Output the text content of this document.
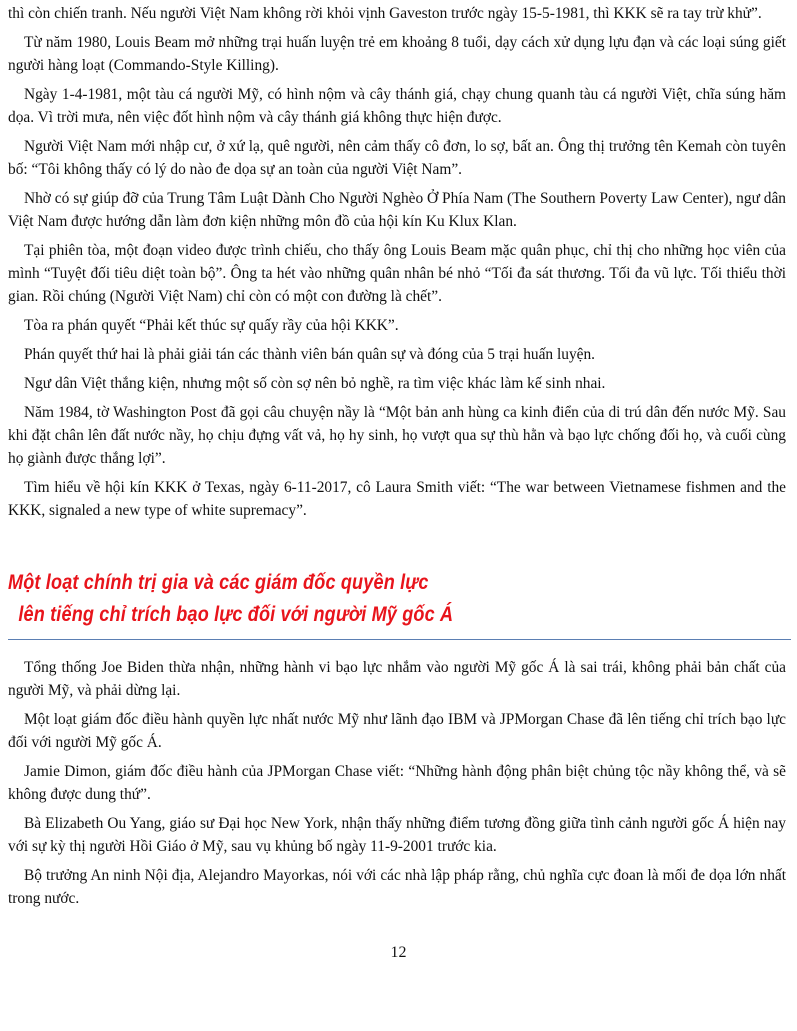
thì còn chiến tranh. Nếu người Việt Nam không rời khỏi vịnh Gaveston trước ngày 15-5-1981, thì KKK sẽ ra tay trừ khử”.

Từ năm 1980, Louis Beam mở những trại huấn luyện trẻ em khoảng 8 tuổi, dạy cách xử dụng lựu đạn và các loại súng giết người hàng loạt (Commando-Style Killing).

Ngày 1-4-1981, một tàu cá người Mỹ, có hình nộm và cây thánh giá, chạy chung quanh tàu cá người Việt, chĩa súng hăm dọa. Vì trời mưa, nên việc đốt hình nộm và cây thánh giá không thực hiện được.

Người Việt Nam mới nhập cư, ở xứ lạ, quê người, nên cảm thấy cô đơn, lo sợ, bất an. Ông thị trưởng tên Kemah còn tuyên bố: “Tôi không thấy có lý do nào đe dọa sự an toàn của người Việt Nam”.

Nhờ có sự giúp đỡ của Trung Tâm Luật Dành Cho Người Nghèo Ở Phía Nam (The Southern Poverty Law Center), ngư dân Việt Nam được hướng dẫn làm đơn kiện những môn đồ của hội kín Ku Klux Klan.

Tại phiên tòa, một đoạn video được trình chiếu, cho thấy ông Louis Beam mặc quân phục, chỉ thị cho những học viên của mình “Tuyệt đối tiêu diệt toàn bộ”. Ông ta hét vào những quân nhân bé nhỏ “Tối đa sát thương. Tối đa vũ lực. Tối thiểu thời gian. Rồi chúng (Người Việt Nam) chỉ còn có một con đường là chết”.

Tòa ra phán quyết “Phải kết thúc sự quấy rầy của hội KKK”.

Phán quyết thứ hai là phải giải tán các thành viên bán quân sự và đóng của 5 trại huấn luyện.

Ngư dân Việt thắng kiện, nhưng một số còn sợ nên bỏ nghề, ra tìm việc khác làm kế sinh nhai.

Năm 1984, tờ Washington Post đã gọi câu chuyện nầy là “Một bản anh hùng ca kinh điển của di trú dân đến nước Mỹ. Sau khi đặt chân lên đất nước nầy, họ chịu đựng vất vả, họ hy sinh, họ vượt qua sự thù hằn và bạo lực chống đối họ, và cuối cùng họ giành được thắng lợi”.

Tìm hiểu về hội kín KKK ở Texas, ngày 6-11-2017, cô Laura Smith viết: “The war between Vietnamese fishmen and the KKK, signaled a new type of white supremacy”.

Một loạt chính trị gia và các giám đốc quyền lực
lên tiếng chỉ trích bạo lực đối với người Mỹ gốc Á

Tổng thống Joe Biden thừa nhận, những hành vi bạo lực nhắm vào người Mỹ gốc Á là sai trái, không phải bản chất của người Mỹ, và phải dừng lại.

Một loạt giám đốc điều hành quyền lực nhất nước Mỹ như lãnh đạo IBM và JPMorgan Chase đã lên tiếng chỉ trích bạo lực đối với người Mỹ gốc Á.

Jamie Dimon, giám đốc điều hành của JPMorgan Chase viết: “Những hành động phân biệt chủng tộc nầy không thể, và sẽ không được dung thứ”.

Bà Elizabeth Ou Yang, giáo sư Đại học New York, nhận thấy những điểm tương đồng giữa tình cảnh người gốc Á hiện nay với sự kỳ thị người Hồi Giáo ở Mỹ, sau vụ khủng bố ngày 11-9-2001 trước kia.

Bộ trưởng An ninh Nội địa, Alejandro Mayorkas, nói với các nhà lập pháp rằng, chủ nghĩa cực đoan là mối đe dọa lớn nhất trong nước.

12
